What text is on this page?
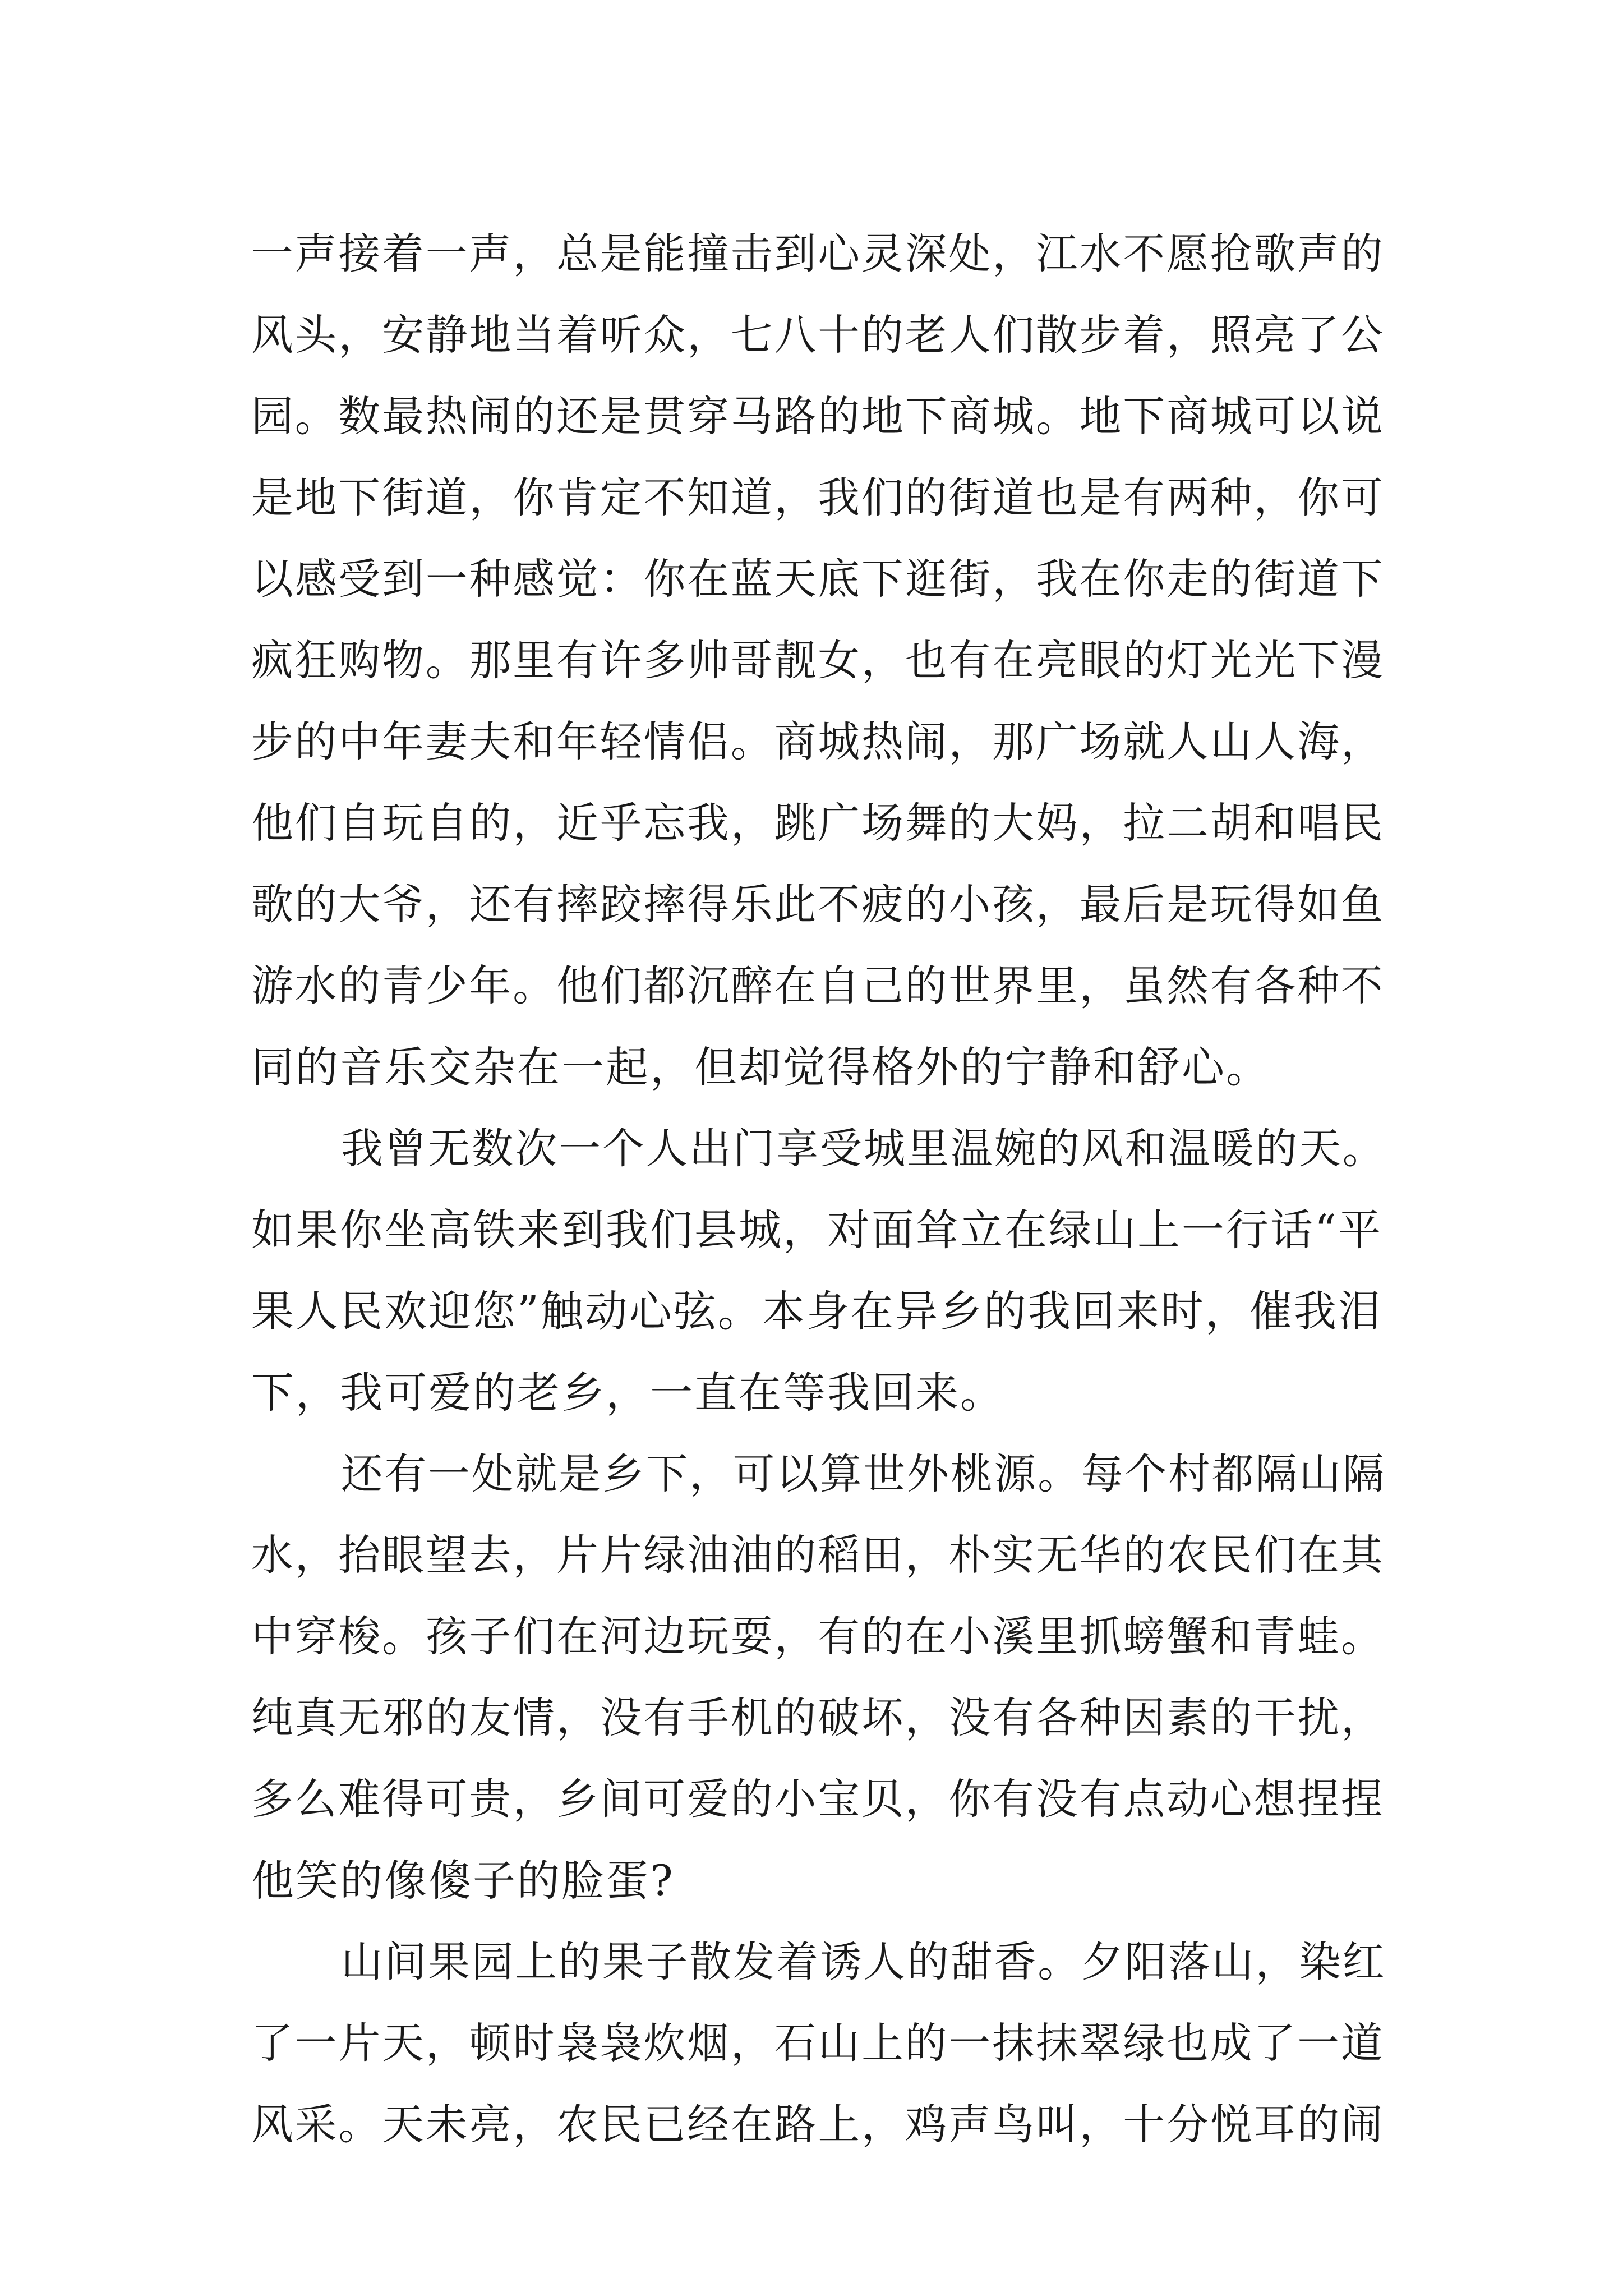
一声接着一声，总是能撞击到心灵深处，江水不愿抢歌声的
风头，安静地当着听众，七八十的老人们散步着，照亮了公
园。数最热闹的还是贯穿马路的地下商城。地下商城可以说
是地下街道，你肯定不知道，我们的街道也是有两种，你可
以感受到一种感觉：你在蓝天底下逛街，我在你走的街道下
疯狂购物。那里有许多帅哥靓女，也有在亮眼的灯光光下漫
步的中年妻夫和年轻情侣。商城热闹，那广场就人山人海，
他们自玩自的，近乎忘我，跳广场舞的大妈，拉二胡和唱民
歌的大爷，还有摔跤摔得乐此不疲的小孩，最后是玩得如鱼
游水的青少年。他们都沉醉在自己的世界里，虽然有各种不
同的音乐交杂在一起，但却觉得格外的宁静和舒心。
我曾无数次一个人出门享受城里温婉的风和温暖的天。
如果你坐高铁来到我们县城，对面耸立在绿山上一行话“平
果人民欢迎您”触动心弦。本身在异乡的我回来时，催我泪
下，我可爱的老乡，一直在等我回来。
还有一处就是乡下，可以算世外桃源。每个村都隔山隔
水，抬眼望去，片片绿油油的稻田，朴实无华的农民们在其
中穿梭。孩子们在河边玩耍，有的在小溪里抓螃蟹和青蛙。
纯真无邪的友情，没有手机的破坏，没有各种因素的干扰，
多么难得可贵，乡间可爱的小宝贝，你有没有点动心想捏捏
他笑的像傻子的脸蛋?
山间果园上的果子散发着诱人的甜香。夕阳落山，染红
了一片天，顿时袅袅炊烟，石山上的一抹抹翠绿也成了一道
风采。天未亮，农民已经在路上，鸡声鸟叫，十分悦耳的闹
